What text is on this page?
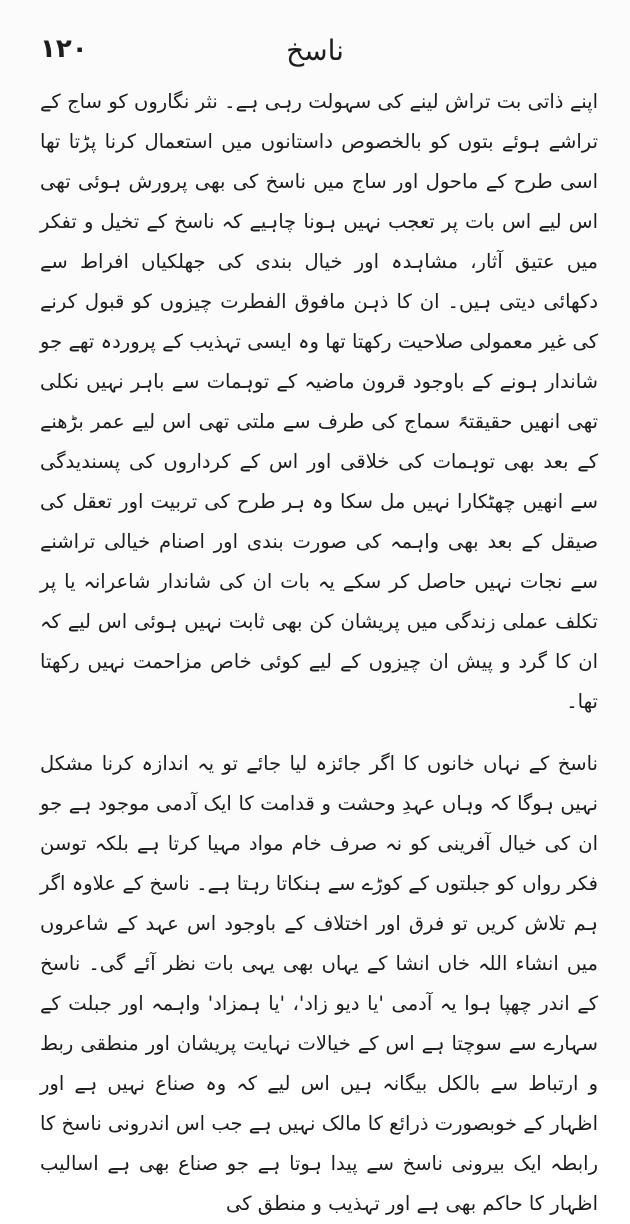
۱۲۰	ناسخ

اپنے ذاتی بت تراش لینے کی سہولت رہی ہے۔ نثر نگاروں کو ساج کے تراشے ہوئے بتوں کو بالخصوص داستانوں میں استعمال کرنا پڑتا تھا اسی طرح کے ماحول اور ساج میں ناسخ کی بھی پرورش ہوئی تھی اس لیے اس بات پر تعجب نہیں ہونا چاہیے کہ ناسخ کے تخیل و تفکر میں عتیق آثار، مشاہدہ اور خیال بندی کی جھلکیاں افراط سے دکھائی دیتی ہیں۔ ان کا ذہن مافوق الفطرت چیزوں کو قبول کرنے کی غیر معمولی صلاحیت رکھتا تھا وہ ایسی تہذیب کے پروردہ تھے جو شاندار ہونے کے باوجود قرون ماضیہ کے توہمات سے باہر نہیں نکلی تھی انھیں حقیقتہً سماج کی طرف سے ملتی تھی اس لیے عمر بڑھنے کے بعد بھی توہمات کی خلاقی اور اس کے کرداروں کی پسندیدگی سے انھیں چھٹکارا نہیں مل سکا وہ ہر طرح کی تربیت اور تعقل کی صیقل کے بعد بھی واہمہ کی صورت بندی اور اصنام خیالی تراشنے سے نجات نہیں حاصل کر سکے یہ بات ان کی شاندار شاعرانہ یا پر تکلف عملی زندگی میں پریشان کن بھی ثابت نہیں ہوئی اس لیے کہ ان کا گرد و پیش ان چیزوں کے لیے کوئی خاص مزاحمت نہیں رکھتا تھا۔

ناسخ کے نہاں خانوں کا اگر جائزہ لیا جائے تو یہ اندازہ کرنا مشکل نہیں ہوگا کہ وہاں عہدِ وحشت و قدامت کا ایک آدمی موجود ہے جو ان کی خیال آفرینی کو نہ صرف خام مواد مہیا کرتا ہے بلکہ توسن فکر رواں کو جبلتوں کے کوڑے سے ہنکاتا رہتا ہے۔ ناسخ کے علاوہ اگر ہم تلاش کریں تو فرق اور اختلاف کے باوجود اس عہد کے شاعروں میں انشاء اللہ خاں انشا کے یہاں بھی یہی بات نظر آئے گی۔ ناسخ کے اندر چھپا ہوا یہ آدمی 'یا دیو زاد'، 'یا ہمزاد' واہمہ اور جبلت کے سہارے سے سوچتا ہے اس کے خیالات نہایت پریشان اور منطقی ربط و ارتباط سے بالکل بیگانہ ہیں اس لیے کہ وہ صناع نہیں ہے اور اظہار کے خوبصورت ذرائع کا مالک نہیں ہے جب اس اندرونی ناسخ کا رابطہ ایک بیرونی ناسخ سے پیدا ہوتا ہے جو صناع بھی ہے اسالیب اظہار کا حاکم بھی ہے اور تہذیب و منطق کی
